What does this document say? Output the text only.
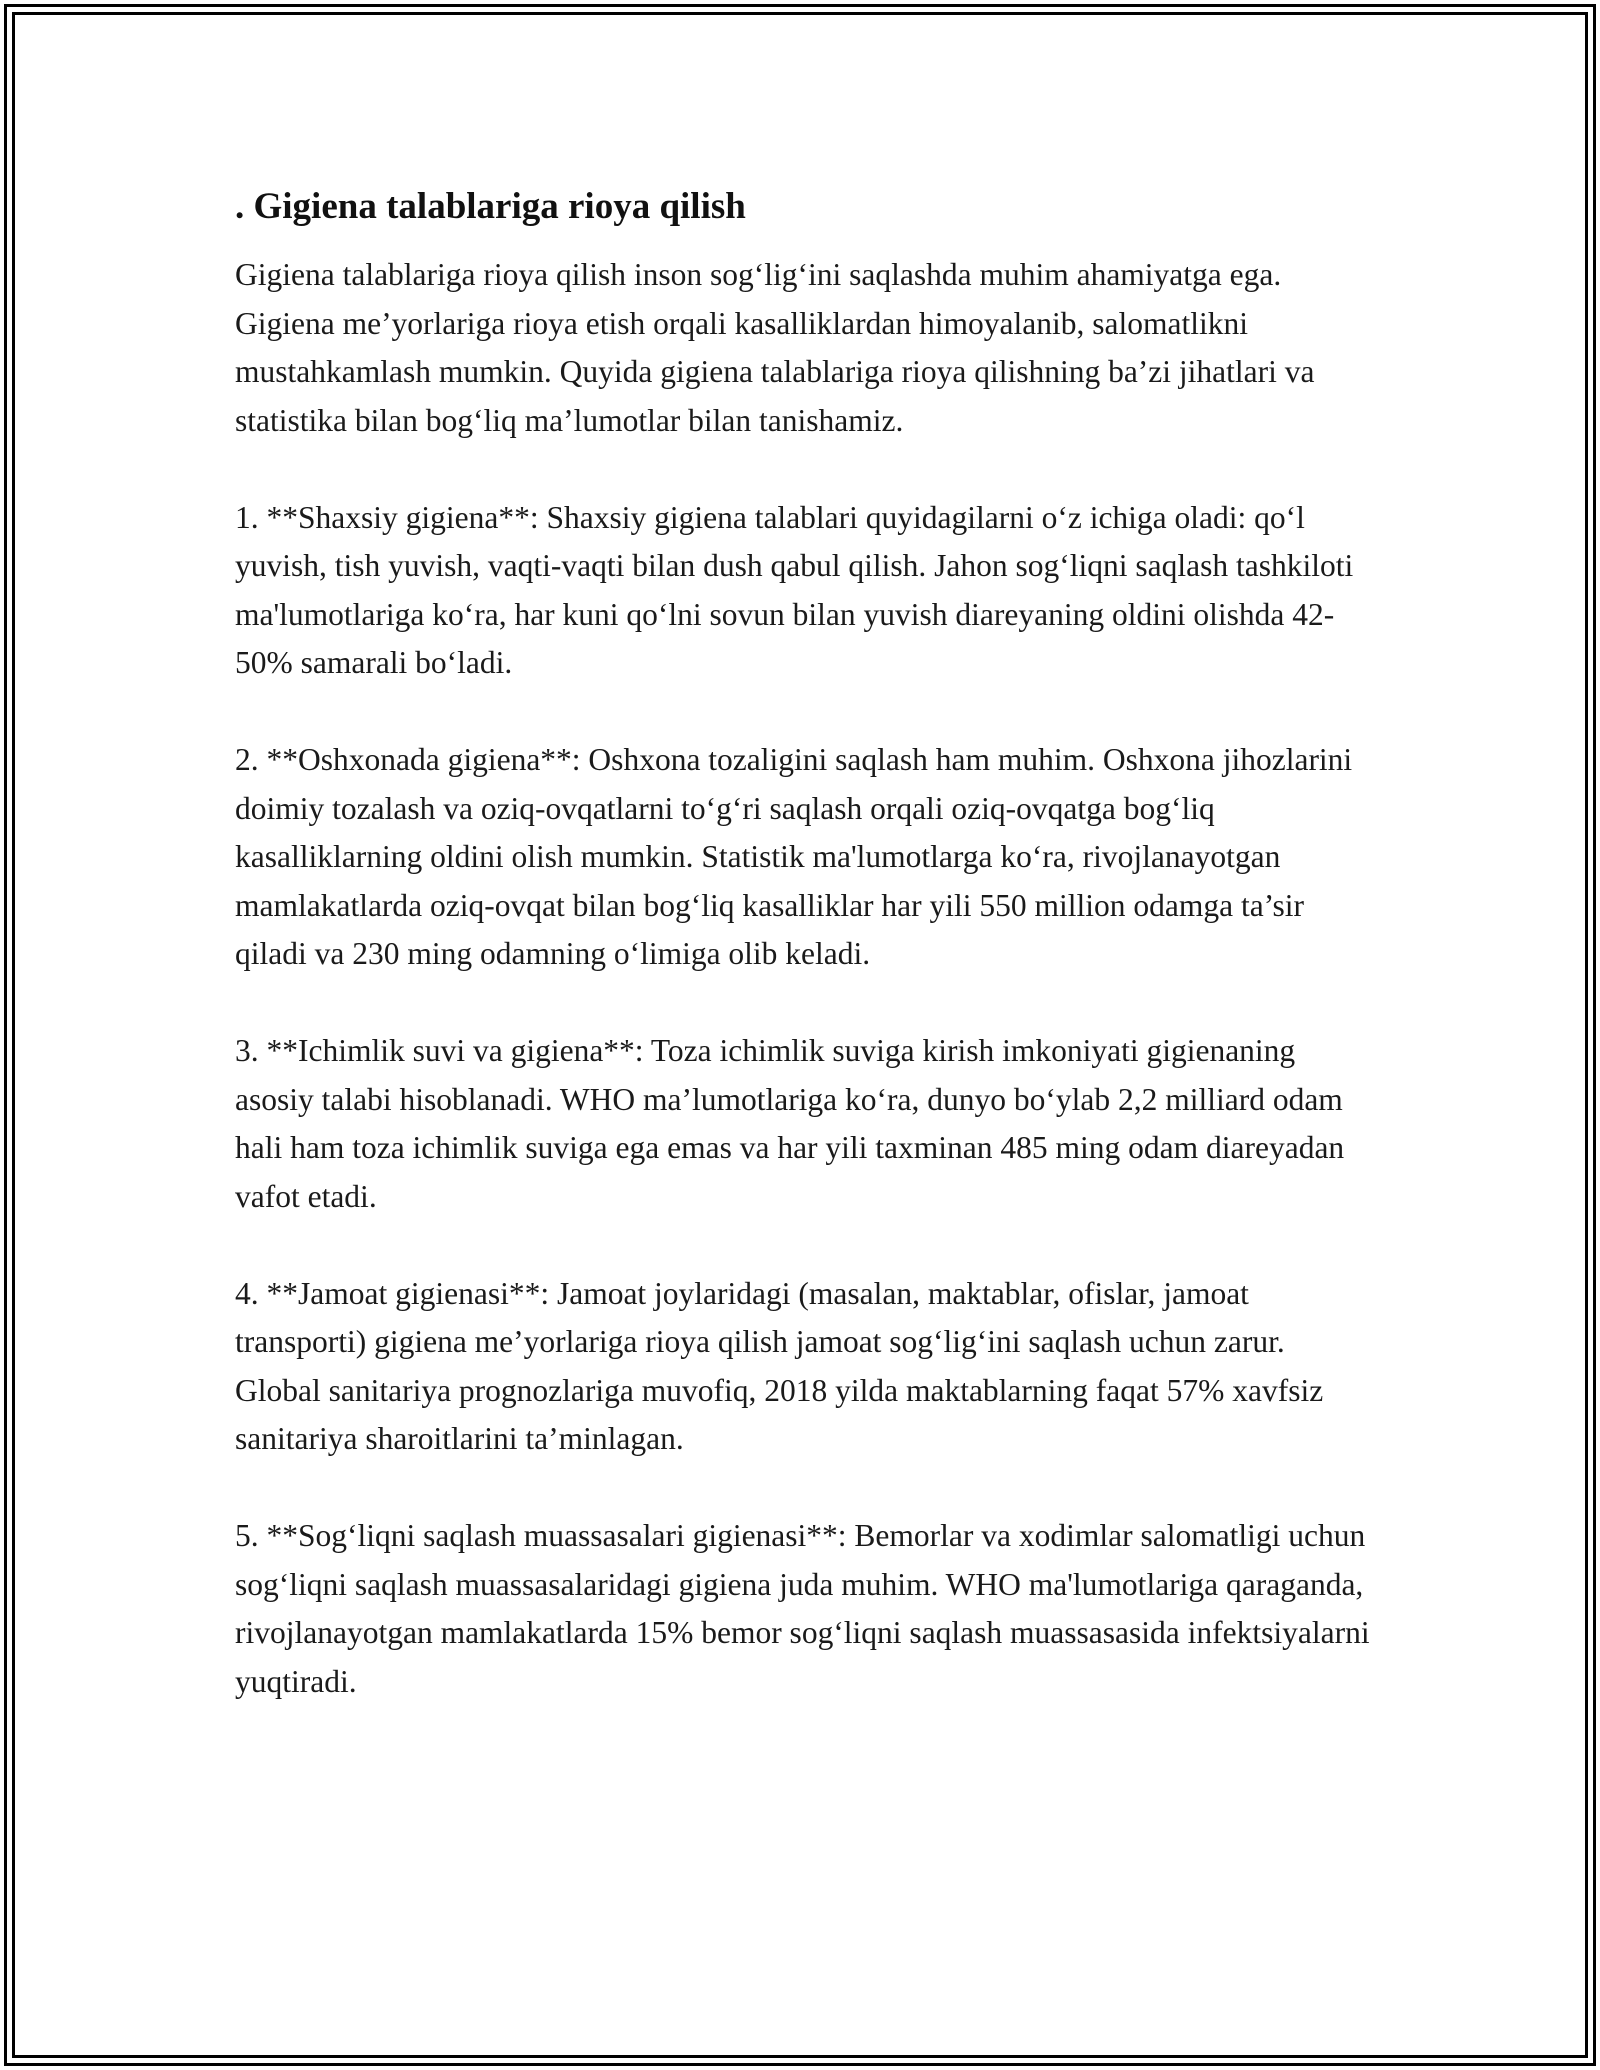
. Gigiena talablariga rioya qilish

Gigiena talablariga rioya qilish inson sog‘lig‘ini saqlashda muhim ahamiyatga ega. Gigiena me’yorlariga rioya etish orqali kasalliklardan himoyalanib, salomatlikni mustahkamlash mumkin. Quyida gigiena talablariga rioya qilishning ba’zi jihatlari va statistika bilan bog‘liq ma’lumotlar bilan tanishamiz.

1. **Shaxsiy gigiena**: Shaxsiy gigiena talablari quyidagilarni o‘z ichiga oladi: qo‘l yuvish, tish yuvish, vaqti-vaqti bilan dush qabul qilish. Jahon sog‘liqni saqlash tashkiloti ma'lumotlariga ko‘ra, har kuni qo‘lni sovun bilan yuvish diareyaning oldini olishda 42-50% samarali bo‘ladi.

2. **Oshxonada gigiena**: Oshxona tozaligini saqlash ham muhim. Oshxona jihozlarini doimiy tozalash va oziq-ovqatlarni to‘g‘ri saqlash orqali oziq-ovqatga bog‘liq kasalliklarning oldini olish mumkin. Statistik ma'lumotlarga ko‘ra, rivojlanayotgan mamlakatlarda oziq-ovqat bilan bog‘liq kasalliklar har yili 550 million odamga ta’sir qiladi va 230 ming odamning o‘limiga olib keladi.

3. **Ichimlik suvi va gigiena**: Toza ichimlik suviga kirish imkoniyati gigienaning asosiy talabi hisoblanadi. WHO ma’lumotlariga ko‘ra, dunyo bo‘ylab 2,2 milliard odam hali ham toza ichimlik suviga ega emas va har yili taxminan 485 ming odam diareyadan vafot etadi.

4. **Jamoat gigienasi**: Jamoat joylaridagi (masalan, maktablar, ofislar, jamoat transporti) gigiena me’yorlariga rioya qilish jamoat sog‘lig‘ini saqlash uchun zarur. Global sanitariya prognozlariga muvofiq, 2018 yilda maktablarning faqat 57% xavfsiz sanitariya sharoitlarini ta’minlagan.

5. **Sog‘liqni saqlash muassasalari gigienasi**: Bemorlar va xodimlar salomatligi uchun sog‘liqni saqlash muassasalaridagi gigiena juda muhim. WHO ma'lumotlariga qaraganda, rivojlanayotgan mamlakatlarda 15% bemor sog‘liqni saqlash muassasasida infektsiyalarni yuqtiradi.
